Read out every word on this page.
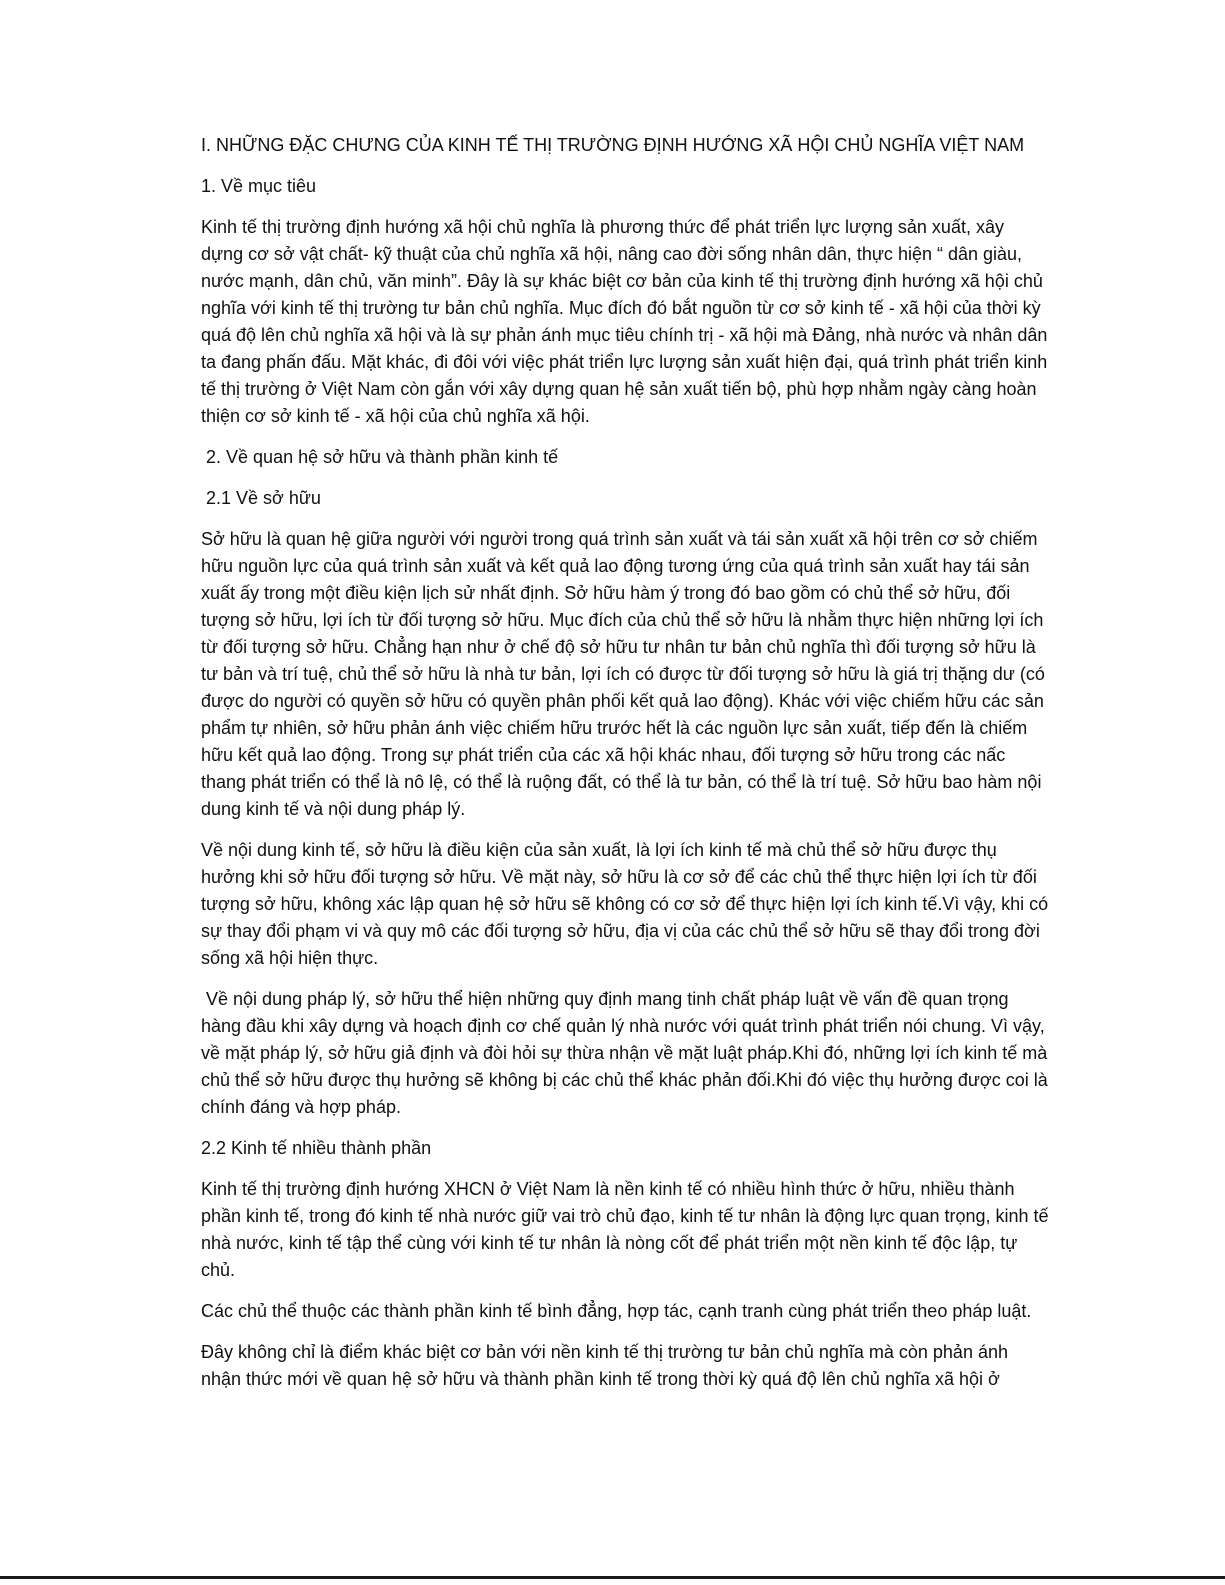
I. NHỮNG ĐẶC CHƯNG CỦA KINH TẾ THỊ TRƯỜNG ĐỊNH HƯỚNG XÃ HỘI CHỦ NGHĨA VIỆT NAM

1. Về mục tiêu

Kinh tế thị trường định hướng xã hội chủ nghĩa là phương thức để phát triển lực lượng sản xuất, xây dựng cơ sở vật chất- kỹ thuật của chủ nghĩa xã hội, nâng cao đời sống nhân dân, thực hiện “ dân giàu, nước mạnh, dân chủ, văn minh”. Đây là sự khác biệt cơ bản của kinh tế thị trường định hướng xã hội chủ nghĩa với kinh tế thị trường tư bản chủ nghĩa. Mục đích đó bắt nguồn từ cơ sở kinh tế - xã hội của thời kỳ quá độ lên chủ nghĩa xã hội và là sự phản ánh mục tiêu chính trị - xã hội mà Đảng, nhà nước và nhân dân ta đang phấn đấu. Mặt khác, đi đôi với việc phát triển lực lượng sản xuất hiện đại, quá trình phát triển kinh tế thị trường ở Việt Nam còn gắn với xây dựng quan hệ sản xuất tiến bộ, phù hợp nhằm ngày càng hoàn thiện cơ sở kinh tế - xã hội của chủ nghĩa xã hội.

2. Về quan hệ sở hữu và thành phần kinh tế

2.1 Về sở hữu

Sở hữu là quan hệ giữa người với người trong quá trình sản xuất và tái sản xuất xã hội trên cơ sở chiếm hữu nguồn lực của quá trình sản xuất và kết quả lao động tương ứng của quá trình sản xuất hay tái sản xuất ấy trong một điều kiện lịch sử nhất định. Sở hữu hàm ý trong đó bao gồm có chủ thể sở hữu, đối tượng sở hữu, lợi ích từ đối tượng sở hữu. Mục đích của chủ thể sở hữu là nhằm thực hiện những lợi ích từ đối tượng sở hữu. Chẳng hạn như ở chế độ sở hữu tư nhân tư bản chủ nghĩa thì đối tượng sở hữu là tư bản và trí tuệ, chủ thể sở hữu là nhà tư bản, lợi ích có được từ đối tượng sở hữu là giá trị thặng dư (có được do người có quyền sở hữu có quyền phân phối kết quả lao động). Khác với việc chiếm hữu các sản phẩm tự nhiên, sở hữu phản ánh việc chiếm hữu trước hết là các nguồn lực sản xuất, tiếp đến là chiếm hữu kết quả lao động. Trong sự phát triển của các xã hội khác nhau, đối tượng sở hữu trong các nấc thang phát triển có thể là nô lệ, có thể là ruộng đất, có thể là tư bản, có thể là trí tuệ. Sở hữu bao hàm nội dung kinh tế và nội dung pháp lý.

Về nội dung kinh tế, sở hữu là điều kiện của sản xuất, là lợi ích kinh tế mà chủ thể sở hữu được thụ hưởng khi sở hữu đối tượng sở hữu. Về mặt này, sở hữu là cơ sở để các chủ thể thực hiện lợi ích từ đối tượng sở hữu, không xác lập quan hệ sở hữu sẽ không có cơ sở để thực hiện lợi ích kinh tế.Vì vậy, khi có sự thay đổi phạm vi và quy mô các đối tượng sở hữu, địa vị của các chủ thể sở hữu sẽ thay đổi trong đời sống xã hội hiện thực.

Về nội dung pháp lý, sở hữu thể hiện những quy định mang tinh chất pháp luật về vấn đề quan trọng hàng đầu khi xây dựng và hoạch định cơ chế quản lý nhà nước với quát trình phát triển nói chung. Vì vậy, về mặt pháp lý, sở hữu giả định và đòi hỏi sự thừa nhận về mặt luật pháp.Khi đó, những lợi ích kinh tế mà chủ thể sở hữu được thụ hưởng sẽ không bị các chủ thể khác phản đối.Khi đó việc thụ hưởng được coi là chính đáng và hợp pháp.

2.2 Kinh tế nhiều thành phần

Kinh tế thị trường định hướng XHCN ở Việt Nam là nền kinh tế có nhiều hình thức ở hữu, nhiều thành phần kinh tế, trong đó kinh tế nhà nước giữ vai trò chủ đạo, kinh tế tư nhân là động lực quan trọng, kinh tế nhà nước, kinh tế tập thể cùng với kinh tế tư nhân là nòng cốt để phát triển một nền kinh tế độc lập, tự chủ.

Các chủ thể thuộc các thành phần kinh tế bình đẳng, hợp tác, cạnh tranh cùng phát triển theo pháp luật.

Đây không chỉ là điểm khác biệt cơ bản với nền kinh tế thị trường tư bản chủ nghĩa mà còn phản ánh nhận thức mới về quan hệ sở hữu và thành phần kinh tế trong thời kỳ quá độ lên chủ nghĩa xã hội ở
